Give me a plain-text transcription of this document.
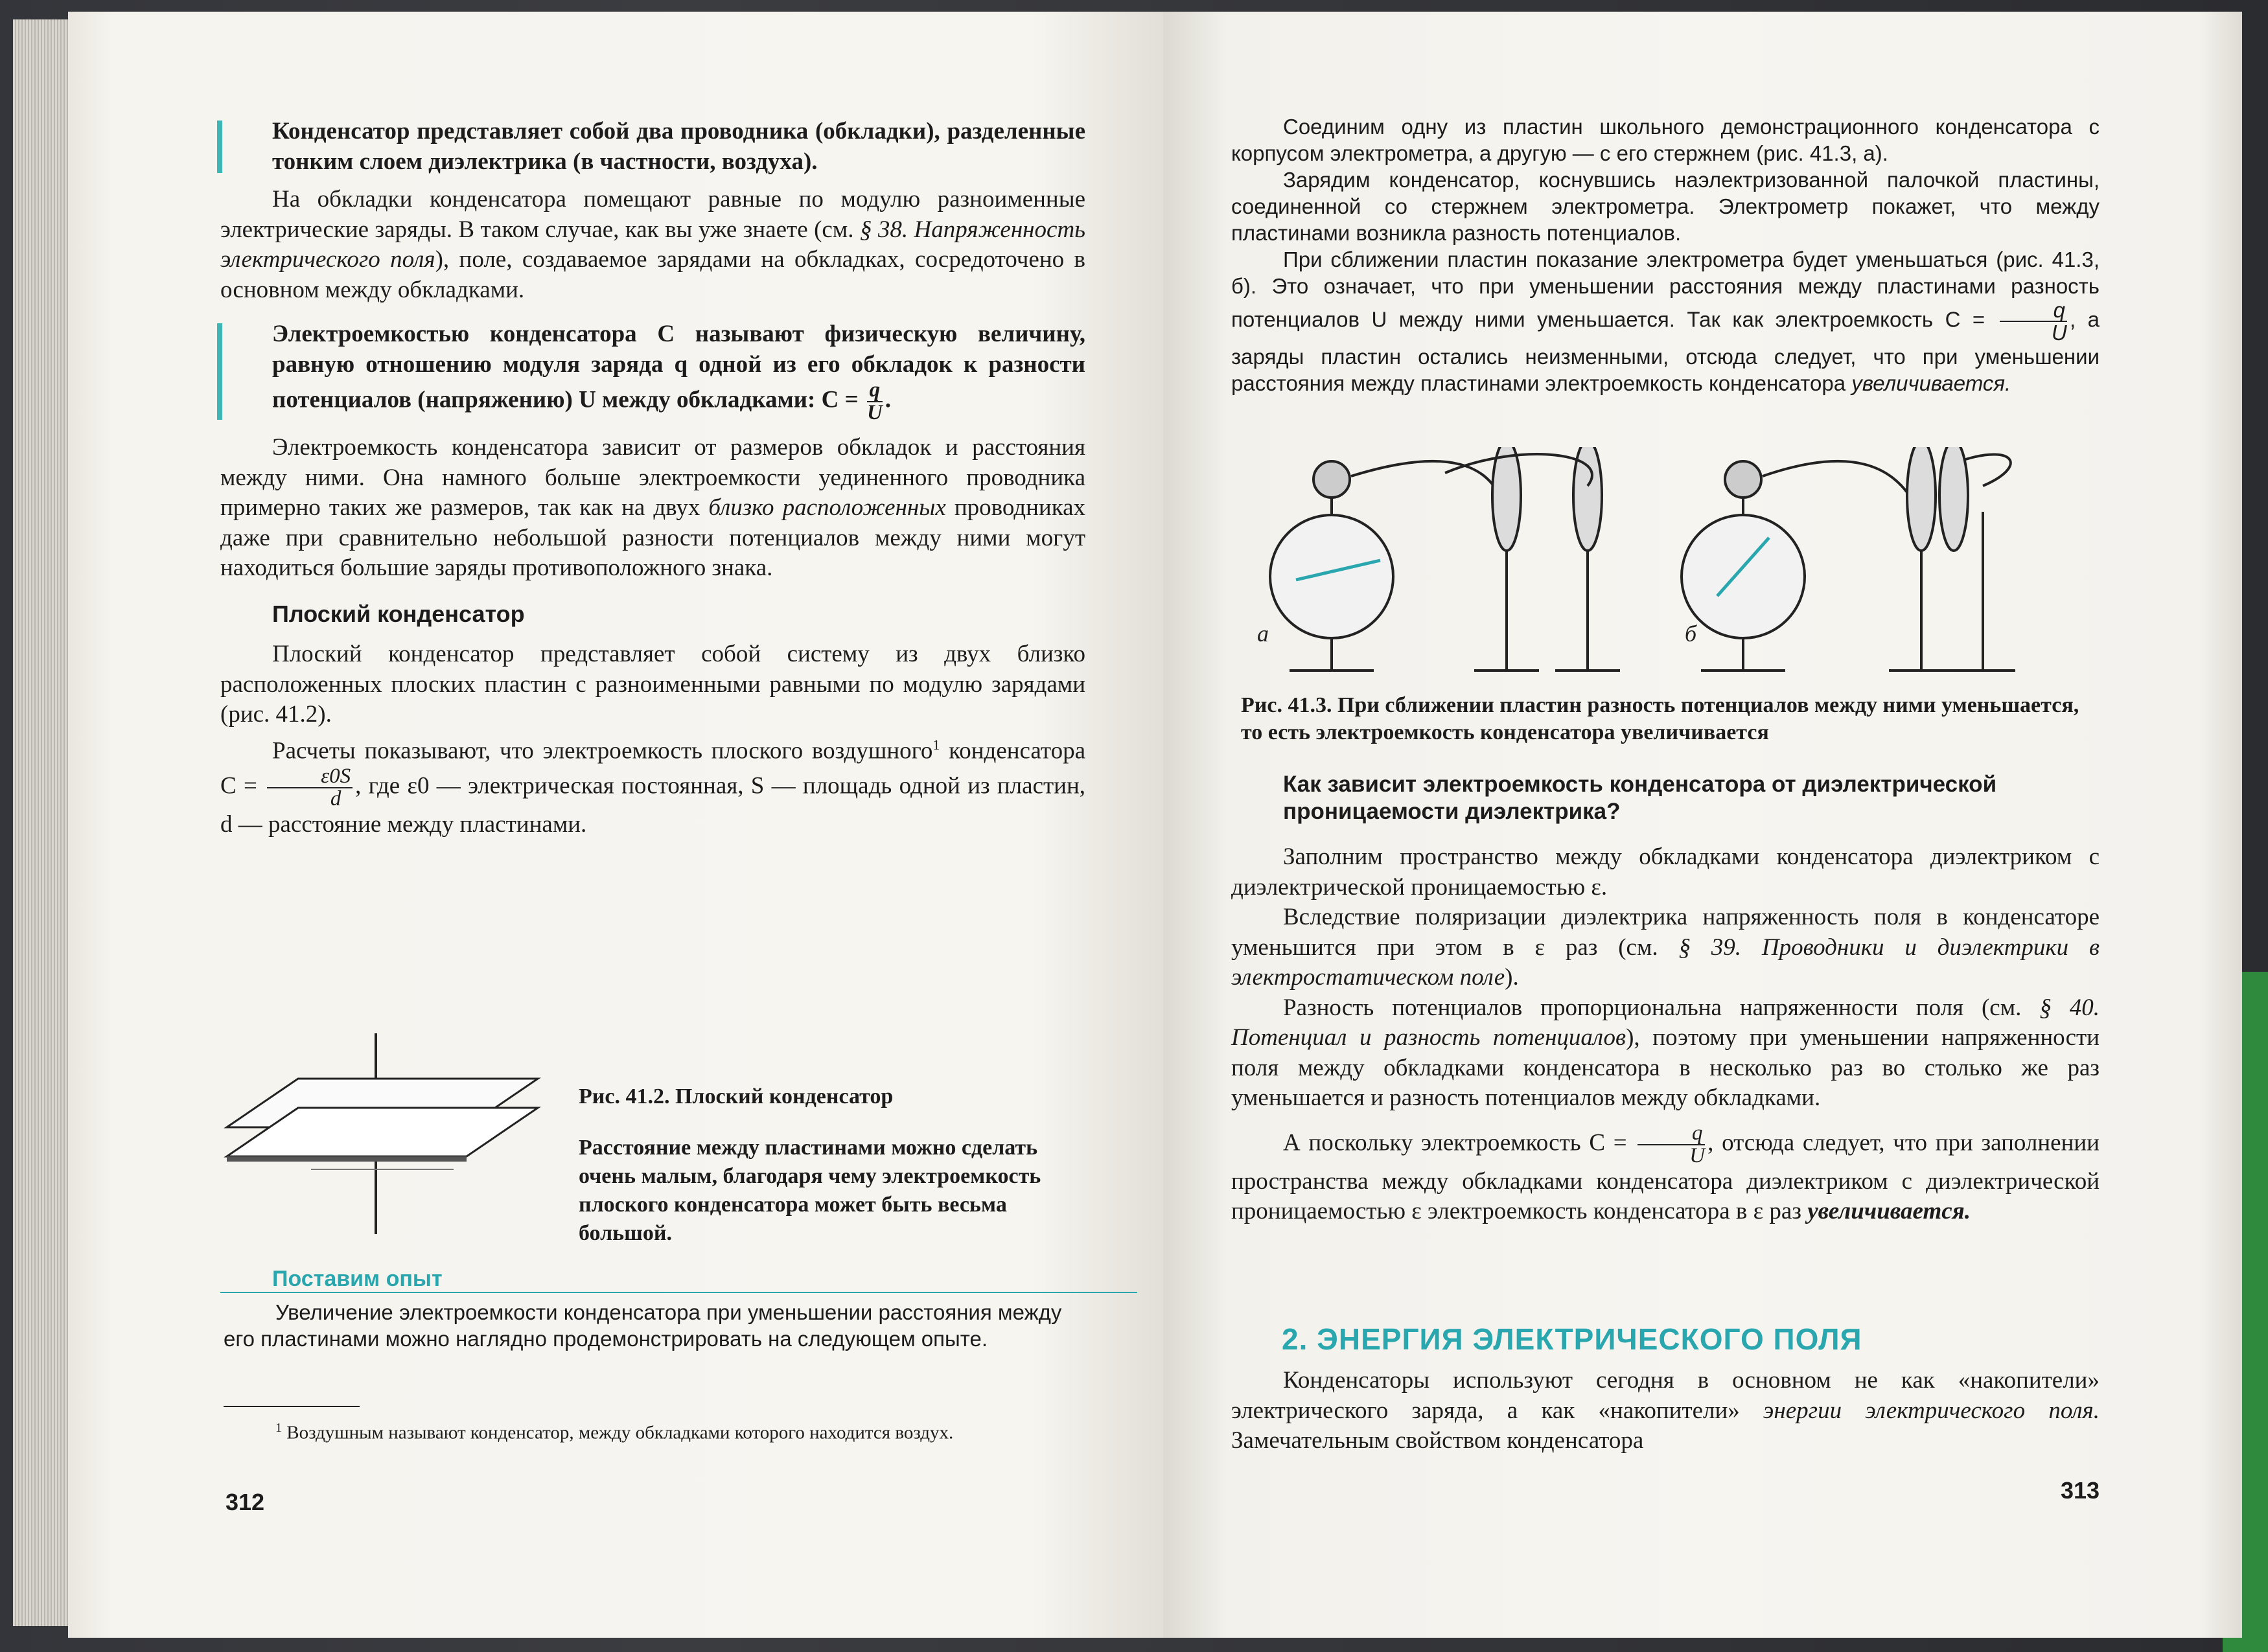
Конденсатор представляет собой два проводника (обкладки), разделенные тонким слоем диэлектрика (в частности, воздуха).

На обкладки конденсатора помещают равные по модулю разноименные электрические заряды. В таком случае, как вы уже знаете (см. § 38. Напряженность электрического поля), поле, создаваемое зарядами на обкладках, сосредоточено в основном между обкладками.

Электроемкостью конденсатора C называют физическую величину, равную отношению модуля заряда q одной из его обкладок к разности потенциалов (напряжению) U между обкладками: $C = \frac{q}{U}$ .

Электроемкость конденсатора зависит от размеров обкладок и расстояния между ними. Она намного больше электроемкости уединенного проводника примерно таких же размеров, так как на двух близко расположенных проводниках даже при сравнительно небольшой разности потенциалов между ними могут находиться большие заряды противоположного знака.

Плоский конденсатор

Плоский конденсатор представляет собой систему из двух близко расположенных плоских пластин с разноименными равными по модулю зарядами (рис. 41.2).

Расчеты показывают, что электроемкость плоского воздушного$^1$ конденсатора $C = \frac{\varepsilon 0S}{d}$ , где ε0 — электрическая постоянная, S — площадь одной из пластин, d — расстояние между пластинами.

Рис. 41.2. Плоский конденсатор
Расстояние между пластинами можно сделать очень малым, благодаря чему электроемкость плоского конденсатора может быть весьма большой.
Поставим опыт

Увеличение электроемкости конденсатора при уменьшении расстояния между его пластинами можно наглядно продемонстрировать на следующем опыте.

$^1$ Воздушным называют конденсатор, между обкладками которого находится воздух.
312

Соединим одну из пластин школьного демонстрационного конденсатора с корпусом электрометра, а другую — с его стержнем (рис. 41.3, а).

Зарядим конденсатор, коснувшись наэлектризованной палочкой пластины, соединенной со стержнем электрометра. Электрометр покажет, что между пластинами возникла разность потенциалов.

При сближении пластин показание электрометра будет уменьшаться (рис. 41.3, б). Это означает, что при уменьшении расстояния между пластинами разность потенциалов U между ними уменьшается. Так как электроемкость $C = \frac{q}{U}$ , а заряды пластин остались неизменными, отсюда следует, что при уменьшении расстояния между пластинами электроемкость конденсатора увеличивается.

а	б
Рис. 41.3. При сближении пластин разность потенциалов между ними уменьшается, то есть электроемкость конденсатора увеличивается
Как зависит электроемкость конденсатора от диэлектрической проницаемости диэлектрика?

Заполним пространство между обкладками конденсатора диэлектриком с диэлектрической проницаемостью ε.

Вследствие поляризации диэлектрика напряженность поля в конденсаторе уменьшится при этом в ε раз (см. § 39. Проводники и диэлектрики в электростатическом поле).

Разность потенциалов пропорциональна напряженности поля (см. § 40. Потенциал и разность потенциалов), поэтому при уменьшении напряженности поля между обкладками конденсатора в несколько раз во столько же раз уменьшается и разность потенциалов между обкладками.

А поскольку электроемкость $C = \frac{q}{U}$ , отсюда следует, что при заполнении пространства между обкладками конденсатора диэлектриком с диэлектрической проницаемостью ε электроемкость конденсатора в ε раз увеличивается.

2. ЭНЕРГИЯ ЭЛЕКТРИЧЕСКОГО ПОЛЯ

Конденсаторы используют сегодня в основном не как «накопители» электрического заряда, а как «накопители» энергии электрического поля. Замечательным свойством конденсатора

313
